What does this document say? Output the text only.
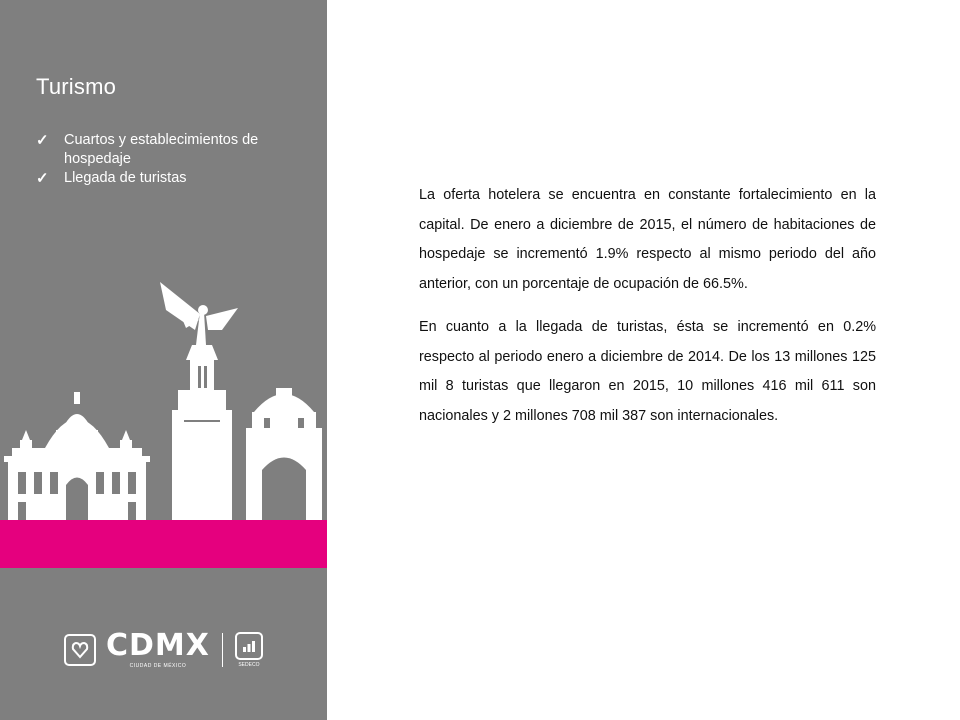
Turismo
✓ Cuartos y establecimientos de hospedaje
✓ Llegada de turistas
CDMX
CIUDAD DE MÉXICO	SEDECO

La oferta hotelera se encuentra en constante fortalecimiento en la capital. De enero a diciembre de 2015, el número de habitaciones de hospedaje se incrementó 1.9% respecto al mismo periodo del año anterior, con un porcentaje de ocupación de 66.5%.

En cuanto a la llegada de turistas, ésta se incrementó en 0.2% respecto al periodo enero a diciembre de 2014. De los 13 millones 125 mil 8 turistas que llegaron en 2015, 10 millones 416 mil 611 son nacionales y 2 millones 708 mil 387 son internacionales.
